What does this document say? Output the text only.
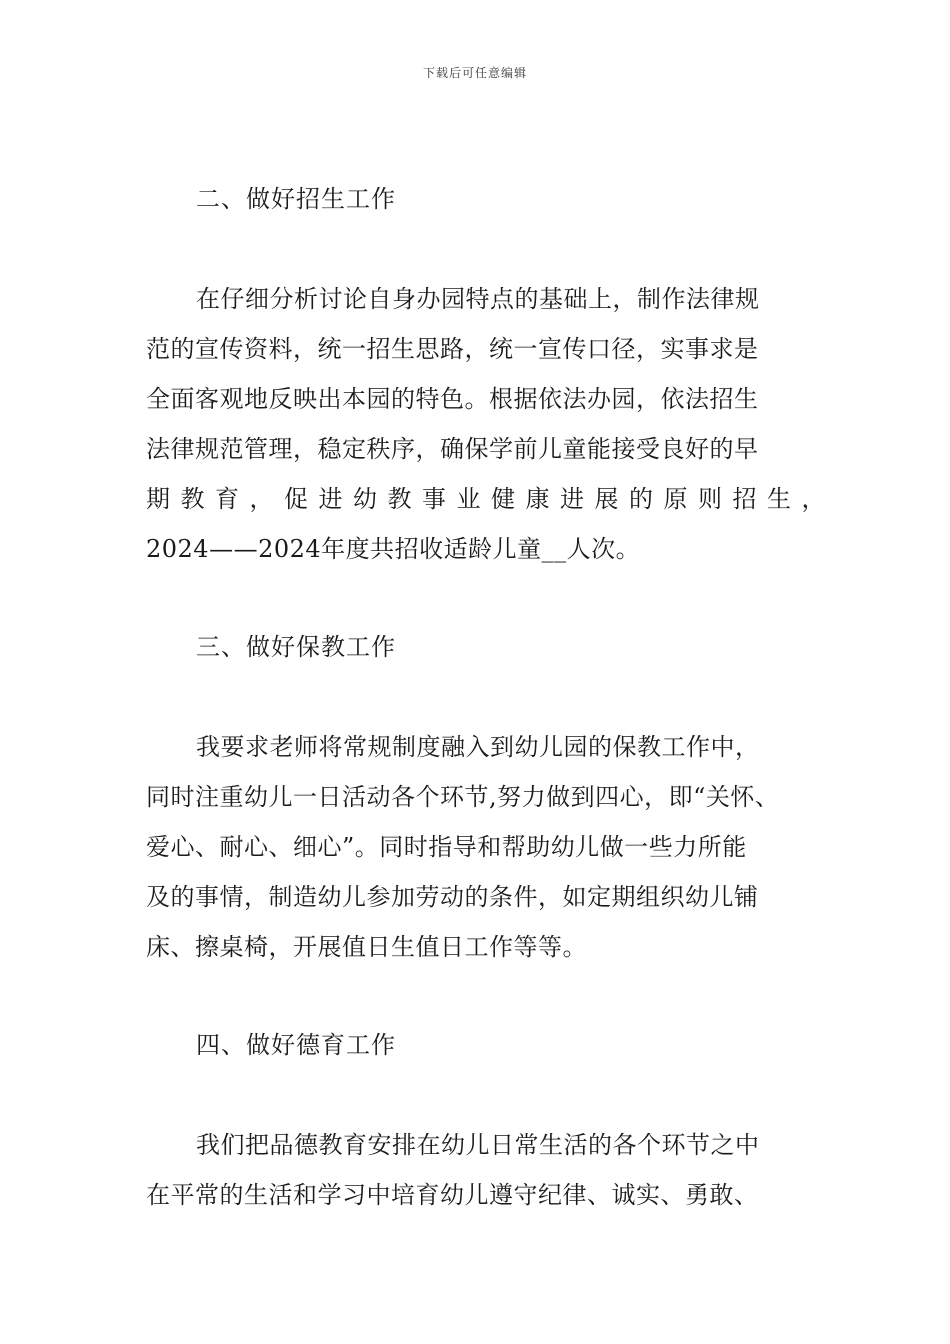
下载后可任意编辑
二、做好招生工作
在仔细分析讨论自身办园特点的基础上，制作法律规
范的宣传资料，统一招生思路，统一宣传口径，实事求是
全面客观地反映出本园的特色。根据依法办园，依法招生
法律规范管理，稳定秩序，确保学前儿童能接受良好的早
期 教 育 ， 促 进 幼 教 事 业 健 康 进 展 的 原 则 招 生 ，
2024——2024年度共招收适龄儿童__人次。
三、做好保教工作
我要求老师将常规制度融入到幼儿园的保教工作中，
同时注重幼儿一日活动各个环节,努力做到四心，即“关怀、
爱心、耐心、细心”。同时指导和帮助幼儿做一些力所能
及的事情，制造幼儿参加劳动的条件，如定期组织幼儿铺
床、擦桌椅，开展值日生值日工作等等。
四、做好德育工作
我们把品德教育安排在幼儿日常生活的各个环节之中
在平常的生活和学习中培育幼儿遵守纪律、诚实、勇敢、
